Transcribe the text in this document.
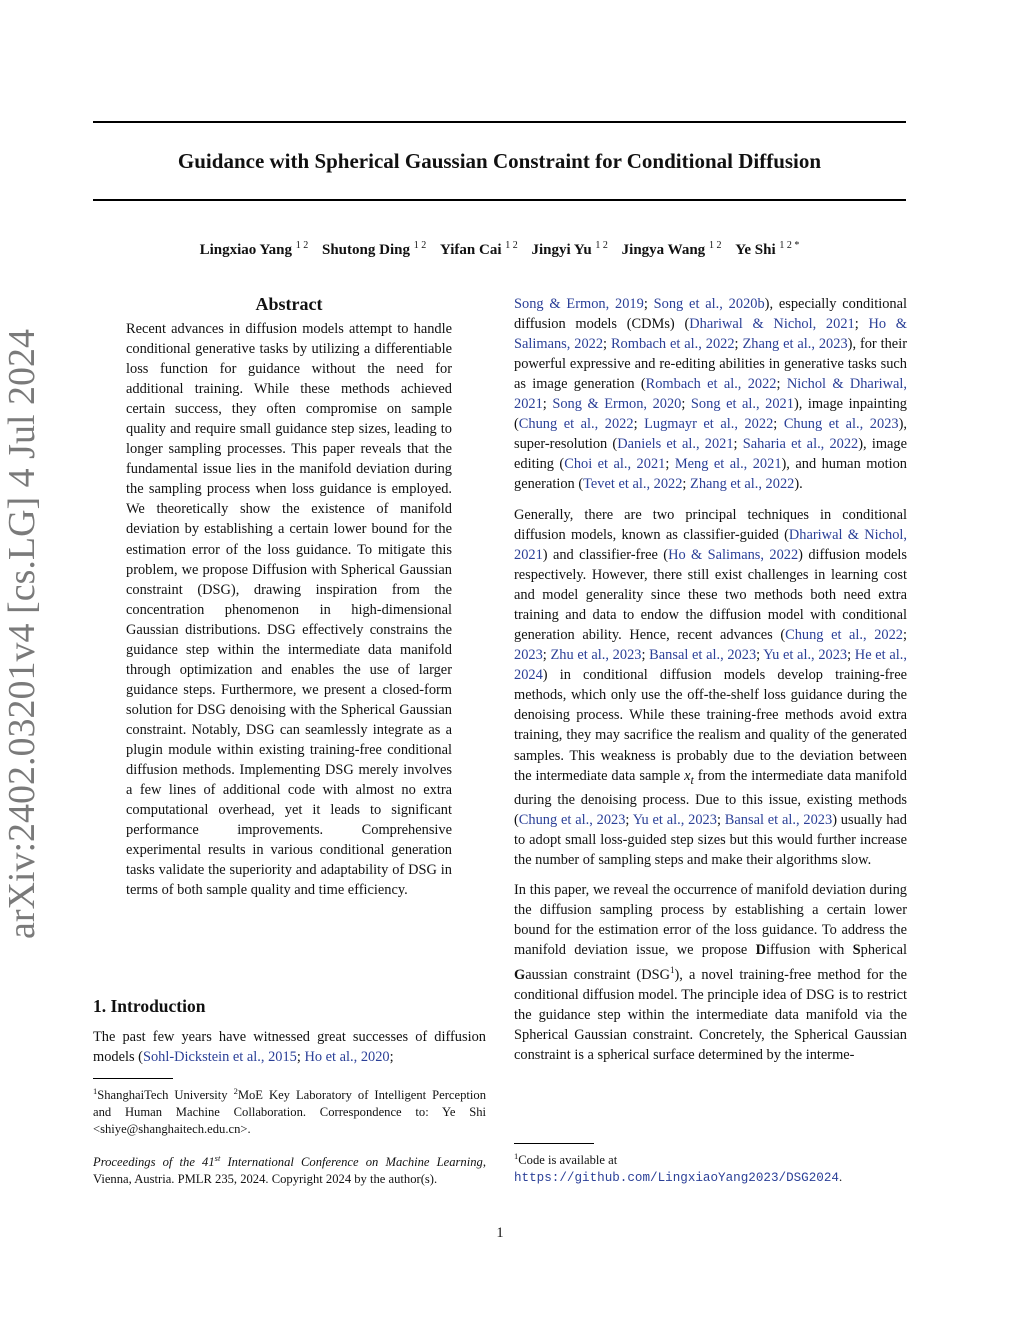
arXiv:2402.03201v4 [cs.LG] 4 Jul 2024
Guidance with Spherical Gaussian Constraint for Conditional Diffusion
Lingxiao Yang $^{1 2}$ Shutong Ding $^{1 2}$ Yifan Cai $^{1 2}$ Jingyi Yu $^{1 2}$ Jingya Wang $^{1 2}$ Ye Shi $^{1 2 *}$
Abstract
Recent advances in diffusion models attempt to handle conditional generative tasks by utilizing a differentiable loss function for guidance without the need for additional training. While these methods achieved certain success, they often compromise on sample quality and require small guidance step sizes, leading to longer sampling processes. This paper reveals that the fundamental issue lies in the manifold deviation during the sampling process when loss guidance is employed. We theoretically show the existence of manifold deviation by establishing a certain lower bound for the estimation error of the loss guidance. To mitigate this problem, we propose Diffusion with Spherical Gaussian constraint (DSG), drawing inspiration from the concentration phenomenon in high-dimensional Gaussian distributions. DSG effectively constrains the guidance step within the intermediate data manifold through optimization and enables the use of larger guidance steps. Furthermore, we present a closed-form solution for DSG denoising with the Spherical Gaussian constraint. Notably, DSG can seamlessly integrate as a plugin module within existing training-free conditional diffusion methods. Implementing DSG merely involves a few lines of additional code with almost no extra computational overhead, yet it leads to significant performance improvements. Comprehensive experimental results in various conditional generation tasks validate the superiority and adaptability of DSG in terms of both sample quality and time efficiency.
1. Introduction
The past few years have witnessed great successes of diffusion models (Sohl-Dickstein et al., 2015; Ho et al., 2020;

Song & Ermon, 2019; Song et al., 2020b), especially conditional diffusion models (CDMs) (Dhariwal & Nichol, 2021; Ho & Salimans, 2022; Rombach et al., 2022; Zhang et al., 2023), for their powerful expressive and re-editing abilities in generative tasks such as image generation (Rombach et al., 2022; Nichol & Dhariwal, 2021; Song & Ermon, 2020; Song et al., 2021), image inpainting (Chung et al., 2022; Lugmayr et al., 2022; Chung et al., 2023), super-resolution (Daniels et al., 2021; Saharia et al., 2022), image editing (Choi et al., 2021; Meng et al., 2021), and human motion generation (Tevet et al., 2022; Zhang et al., 2022).

Generally, there are two principal techniques in conditional diffusion models, known as classifier-guided (Dhariwal & Nichol, 2021) and classifier-free (Ho & Salimans, 2022) diffusion models respectively. However, there still exist challenges in learning cost and model generality since these two methods both need extra training and data to endow the diffusion model with conditional generation ability. Hence, recent advances (Chung et al., 2022; 2023; Zhu et al., 2023; Bansal et al., 2023; Yu et al., 2023; He et al., 2024) in conditional diffusion models develop training-free methods, which only use the off-the-shelf loss guidance during the denoising process. While these training-free methods avoid extra training, they may sacrifice the realism and quality of the generated samples. This weakness is probably due to the deviation between the intermediate data sample $x_t$ from the intermediate data manifold during the denoising process. Due to this issue, existing methods (Chung et al., 2023; Yu et al., 2023; Bansal et al., 2023) usually had to adopt small loss-guided step sizes but this would further increase the number of sampling steps and make their algorithms slow.

In this paper, we reveal the occurrence of manifold deviation during the diffusion sampling process by establishing a certain lower bound for the estimation error of the loss guidance. To address the manifold deviation issue, we propose Diffusion with Spherical Gaussian constraint (DSG$^1$), a novel training-free method for the conditional diffusion model. The principle idea of DSG is to restrict the guidance step within the intermediate data manifold via the Spherical Gaussian constraint. Concretely, the Spherical Gaussian constraint is a spherical surface determined by the interme-

$^1$ShanghaiTech University $^2$MoE Key Laboratory of Intelligent Perception and Human Machine Collaboration. Correspondence to: Ye Shi <shiye@shanghaitech.edu.cn>.
Proceedings of the 41st International Conference on Machine Learning, Vienna, Austria. PMLR 235, 2024. Copyright 2024 by the author(s).
$^1$Code is available at https://github.com/LingxiaoYang2023/DSG2024.
1
